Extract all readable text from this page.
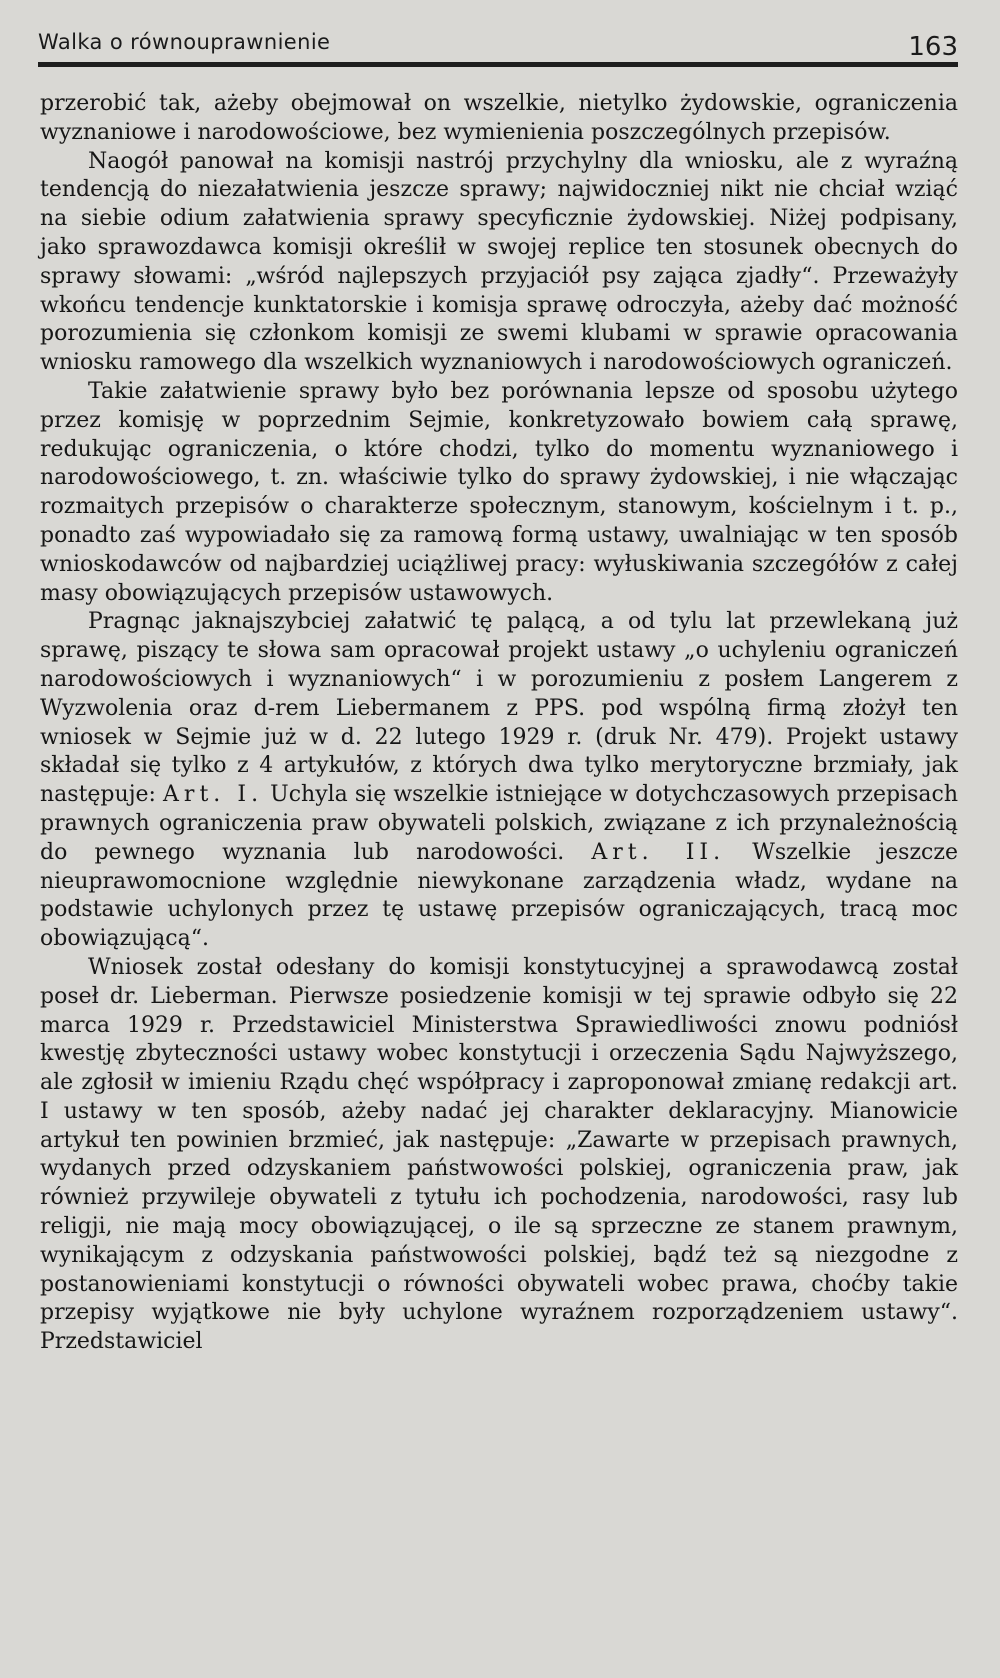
Walka o równouprawnienie	163

przerobić tak, ażeby obejmował on wszelkie, nietylko żydowskie, ograniczenia wyznaniowe i narodowościowe, bez wymienienia poszczególnych przepisów.

Naogół panował na komisji nastrój przychylny dla wniosku, ale z wyraźną tendencją do niezałatwienia jeszcze sprawy; najwidoczniej nikt nie chciał wziąć na siebie odium załatwienia sprawy specyficznie żydowskiej. Niżej podpisany, jako sprawozdawca komisji określił w swojej replice ten stosunek obecnych do sprawy słowami: „wśród najlepszych przyjaciół psy zająca zjadły“. Przeważyły wkońcu tendencje kunktatorskie i komisja sprawę odroczyła, ażeby dać możność porozumienia się członkom komisji ze swemi klubami w sprawie opracowania wniosku ramowego dla wszelkich wyznaniowych i narodowościowych ograniczeń.

Takie załatwienie sprawy było bez porównania lepsze od sposobu użytego przez komisję w poprzednim Sejmie, konkretyzowało bowiem całą sprawę, redukując ograniczenia, o które chodzi, tylko do momentu wyznaniowego i narodowościowego, t. zn. właściwie tylko do sprawy żydowskiej, i nie włączając rozmaitych przepisów o charakterze społecznym, stanowym, kościelnym i t. p., ponadto zaś wypowiadało się za ramową formą ustawy, uwalniając w ten sposób wnioskodawców od najbardziej uciążliwej pracy: wyłuskiwania szczegółów z całej masy obowiązujących przepisów ustawowych.

Pragnąc jaknajszybciej załatwić tę palącą, a od tylu lat przewlekaną już sprawę, piszący te słowa sam opracował projekt ustawy „o uchyleniu ograniczeń narodowościowych i wyznaniowych“ i w porozumieniu z posłem Langerem z Wyzwolenia oraz d-rem Liebermanem z PPS. pod wspólną firmą złożył ten wniosek w Sejmie już w d. 22 lutego 1929 r. (druk Nr. 479). Projekt ustawy składał się tylko z 4 artykułów, z których dwa tylko merytoryczne brzmiały, jak następuje: Art. I. Uchyla się wszelkie istniejące w dotychczasowych przepisach prawnych ograniczenia praw obywateli polskich, związane z ich przynależnością do pewnego wyznania lub narodowości. Art. II. Wszelkie jeszcze nieuprawomocnione względnie niewykonane zarządzenia władz, wydane na podstawie uchylonych przez tę ustawę przepisów ograniczających, tracą moc obowiązującą“.

Wniosek został odesłany do komisji konstytucyjnej a sprawodawcą został poseł dr. Lieberman. Pierwsze posiedzenie komisji w tej sprawie odbyło się 22 marca 1929 r. Przedstawiciel Ministerstwa Sprawiedliwości znowu podniósł kwestję zbyteczności ustawy wobec konstytucji i orzeczenia Sądu Najwyższego, ale zgłosił w imieniu Rządu chęć współpracy i zaproponował zmianę redakcji art. I ustawy w ten sposób, ażeby nadać jej charakter deklaracyjny. Mianowicie artykuł ten powinien brzmieć, jak następuje: „Zawarte w przepisach prawnych, wydanych przed odzyskaniem państwowości polskiej, ograniczenia praw, jak również przywileje obywateli z tytułu ich pochodzenia, narodowości, rasy lub religji, nie mają mocy obowiązującej, o ile są sprzeczne ze stanem prawnym, wynikającym z odzyskania państwowości polskiej, bądź też są niezgodne z postanowieniami konstytucji o równości obywateli wobec prawa, choćby takie przepisy wyjątkowe nie były uchylone wyraźnem rozporządzeniem ustawy“. Przedstawiciel
